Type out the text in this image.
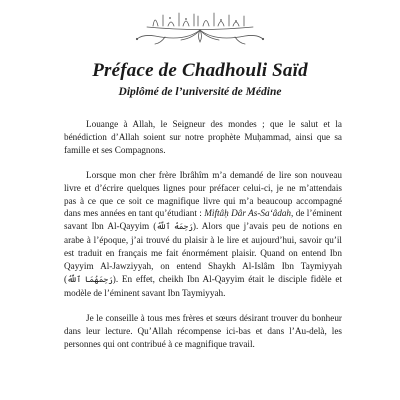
Préface de Chadhouli Saïd
Diplômé de l’université de Médine

Louange à Allah, le Seigneur des mondes ; que le salut et la bénédiction d’Allah soient sur notre prophète Muḥammad, ainsi que sa famille et ses Compagnons.

Lorsque mon cher frère Ibrâhîm m’a demandé de lire son nouveau livre et d’écrire quelques lignes pour préfacer celui-ci, je ne m’attendais pas à ce que ce soit ce magnifique livre qui m’a beaucoup accompagné dans mes années en tant qu’étudiant : Miftâḥ Dâr As-Sa‘âdah, de l’éminent savant Ibn Al-Qayyim (رَحِمَهُ ٱللَّهُ). Alors que j’avais peu de notions en arabe à l’époque, j’ai trouvé du plaisir à le lire et aujourd’hui, savoir qu’il est traduit en français me fait énormément plaisir. Quand on entend Ibn Qayyim Al-Jawziyyah, on entend Shaykh Al-Islâm Ibn Taymiyyah (رَحِمَهُمَا ٱللَّهُ). En effet, cheikh Ibn Al-Qayyim était le disciple fidèle et modèle de l’éminent savant Ibn Taymiyyah.

Je le conseille à tous mes frères et sœurs désirant trouver du bonheur dans leur lecture. Qu’Allah récompense ici-bas et dans l’Au-delà, les personnes qui ont contribué à ce magnifique travail.
